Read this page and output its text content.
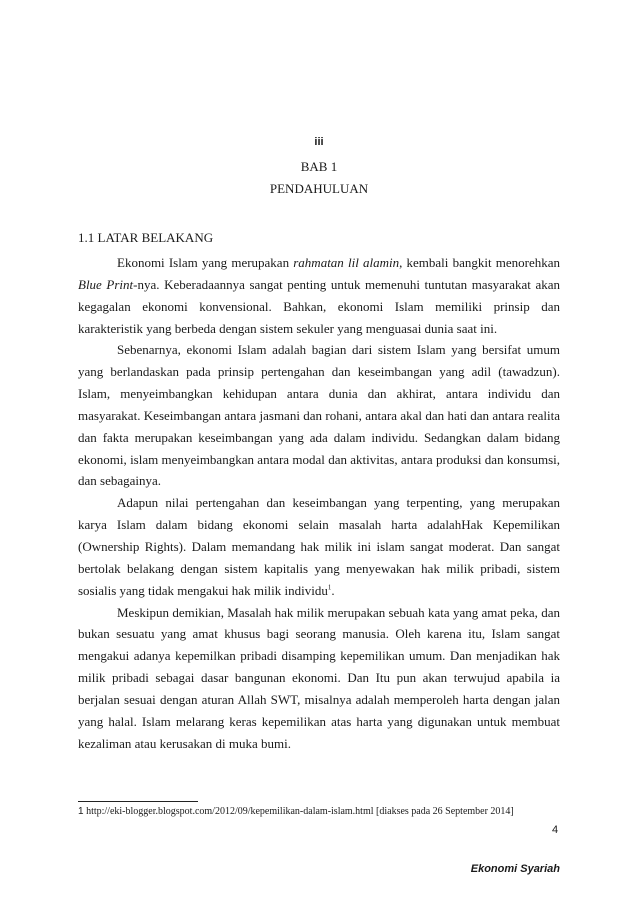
iii
BAB 1
PENDAHULUAN
1.1 LATAR BELAKANG

Ekonomi Islam yang merupakan rahmatan lil alamin, kembali bangkit menorehkan Blue Print-nya. Keberadaannya sangat penting untuk memenuhi tuntutan masyarakat akan kegagalan ekonomi konvensional. Bahkan, ekonomi Islam memiliki prinsip dan karakteristik yang berbeda dengan sistem sekuler yang menguasai dunia saat ini.

Sebenarnya, ekonomi Islam adalah bagian dari sistem Islam yang bersifat umum yang berlandaskan pada prinsip pertengahan dan keseimbangan yang adil (tawadzun). Islam, menyeimbangkan kehidupan antara dunia dan akhirat, antara individu dan masyarakat. Keseimbangan antara jasmani dan rohani, antara akal dan hati dan antara realita dan fakta merupakan keseimbangan yang ada dalam individu. Sedangkan dalam bidang ekonomi, islam menyeimbangkan antara modal dan aktivitas, antara produksi dan konsumsi, dan sebagainya.

Adapun nilai pertengahan dan keseimbangan yang terpenting, yang merupakan karya Islam dalam bidang ekonomi selain masalah harta adalahHak Kepemilikan (Ownership Rights). Dalam memandang hak milik ini islam sangat moderat. Dan sangat bertolak belakang dengan sistem kapitalis yang menyewakan hak milik pribadi, sistem sosialis yang tidak mengakui hak milik individu$^1$.

Meskipun demikian, Masalah hak milik merupakan sebuah kata yang amat peka, dan bukan sesuatu yang amat khusus bagi seorang manusia. Oleh karena itu, Islam sangat mengakui adanya kepemilkan pribadi disamping kepemilikan umum. Dan menjadikan hak milik pribadi sebagai dasar bangunan ekonomi. Dan Itu pun akan terwujud apabila ia berjalan sesuai dengan aturan Allah SWT, misalnya adalah memperoleh harta dengan jalan yang halal. Islam melarang keras kepemilikan atas harta yang digunakan untuk membuat kezaliman atau kerusakan di muka bumi.

1 http://eki-blogger.blogspot.com/2012/09/kepemilikan-dalam-islam.html [diakses pada 26 September 2014]
4
Ekonomi Syariah
